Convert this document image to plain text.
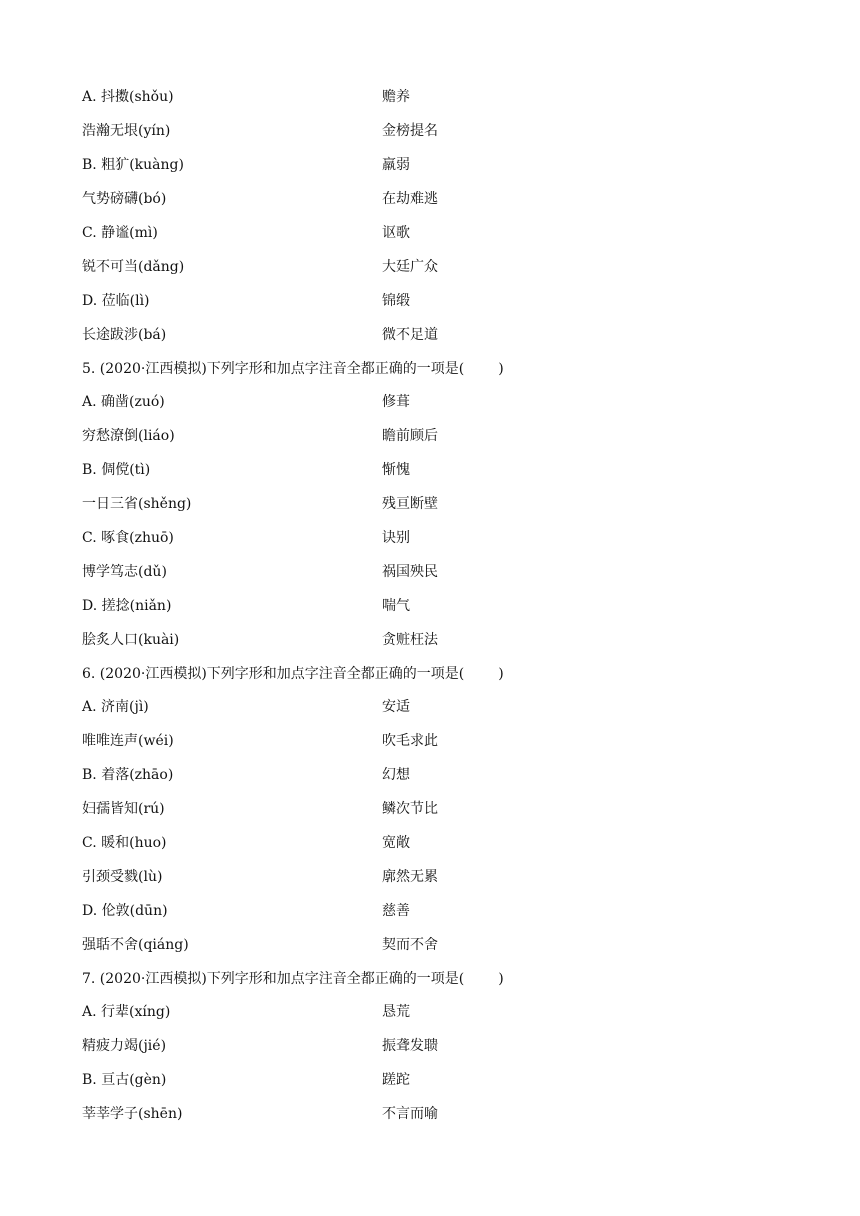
A. 抖擞(shǒu)	赡养
浩瀚无垠(yín)	金榜提名
B. 粗犷(kuàng)	羸弱
气势磅礴(bó)	在劫难逃
C. 静谧(mì)	讴歌
锐不可当(dǎng)	大廷广众
D. 莅临(lì)	锦缎
长途跋涉(bá)	微不足道
5. (2020·江西模拟)下列字形和加点字注音全都正确的一项是( )
A. 确凿(zuó)	修葺
穷愁潦倒(liáo)	瞻前顾后
B. 倜傥(tì)	惭愧
一日三省(shěng)	残亘断壁
C. 啄食(zhuō)	诀别
博学笃志(dǔ)	祸国殃民
D. 搓捻(niǎn)	喘气
脍炙人口(kuài)	贪赃枉法
6. (2020·江西模拟)下列字形和加点字注音全都正确的一项是( )
A. 济南(jì)	安适
唯唯连声(wéi)	吹毛求此
B. 着落(zhāo)	幻想
妇孺皆知(rú)	鳞次节比
C. 暖和(huo)	宽敞
引颈受戮(lù)	廓然无累
D. 伦敦(dūn)	慈善
强聒不舍(qiáng)	契而不舍
7. (2020·江西模拟)下列字形和加点字注音全都正确的一项是( )
A. 行辈(xíng)	恳荒
精疲力竭(jié)	振聋发聩
B. 亘古(gèn)	蹉跎
莘莘学子(shēn)	不言而喻
